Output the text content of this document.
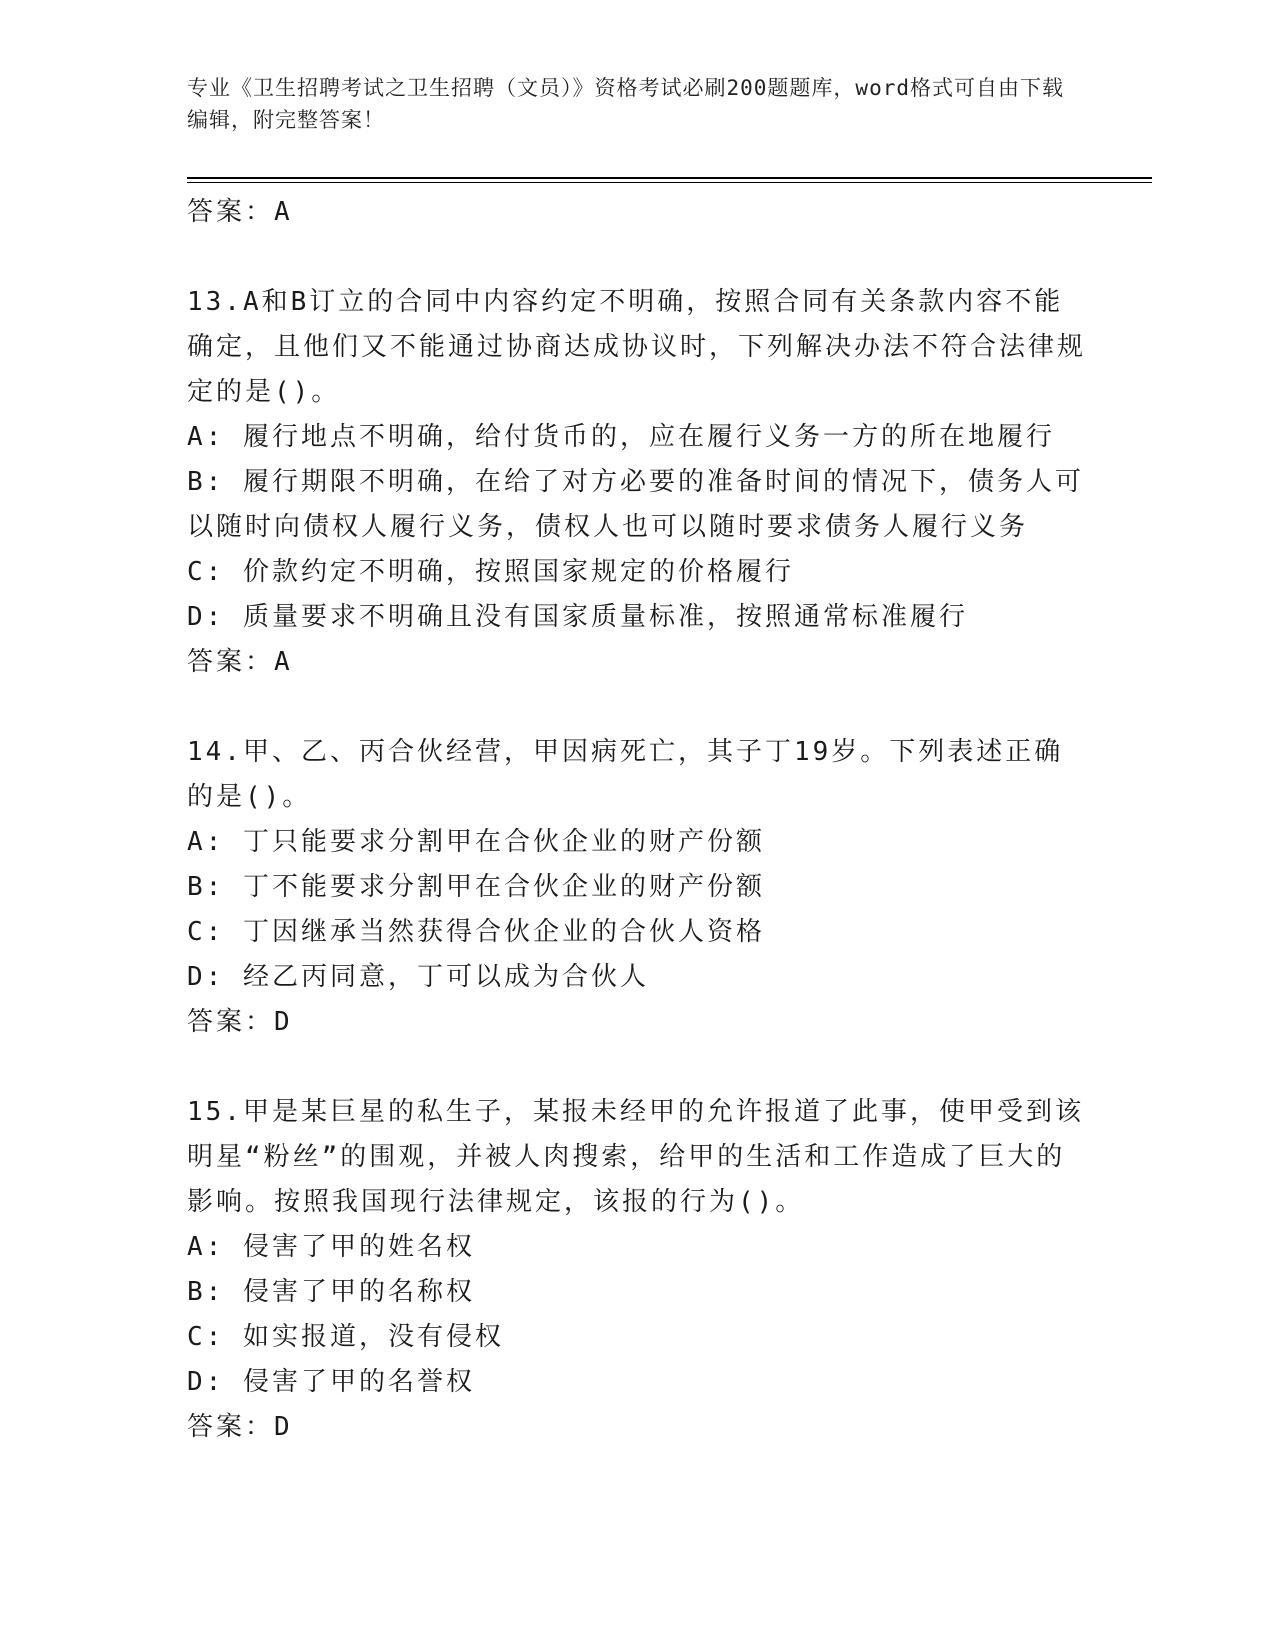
专业《卫生招聘考试之卫生招聘（文员）》资格考试必刷200题题库，word格式可自由下载编辑，附完整答案！
答案：A

13.A和B订立的合同中内容约定不明确，按照合同有关条款内容不能确定，且他们又不能通过协商达成协议时，下列解决办法不符合法律规定的是()。

A: 履行地点不明确，给付货币的，应在履行义务一方的所在地履行

B: 履行期限不明确，在给了对方必要的准备时间的情况下，债务人可以随时向债权人履行义务，债权人也可以随时要求债务人履行义务

C: 价款约定不明确，按照国家规定的价格履行

D: 质量要求不明确且没有国家质量标准，按照通常标准履行

答案：A

14.甲、乙、丙合伙经营，甲因病死亡，其子丁19岁。下列表述正确的是()。

A: 丁只能要求分割甲在合伙企业的财产份额

B: 丁不能要求分割甲在合伙企业的财产份额

C: 丁因继承当然获得合伙企业的合伙人资格

D: 经乙丙同意，丁可以成为合伙人

答案：D

15.甲是某巨星的私生子，某报未经甲的允许报道了此事，使甲受到该明星“粉丝”的围观，并被人肉搜索，给甲的生活和工作造成了巨大的影响。按照我国现行法律规定，该报的行为()。

A: 侵害了甲的姓名权

B: 侵害了甲的名称权

C: 如实报道，没有侵权

D: 侵害了甲的名誉权

答案：D
